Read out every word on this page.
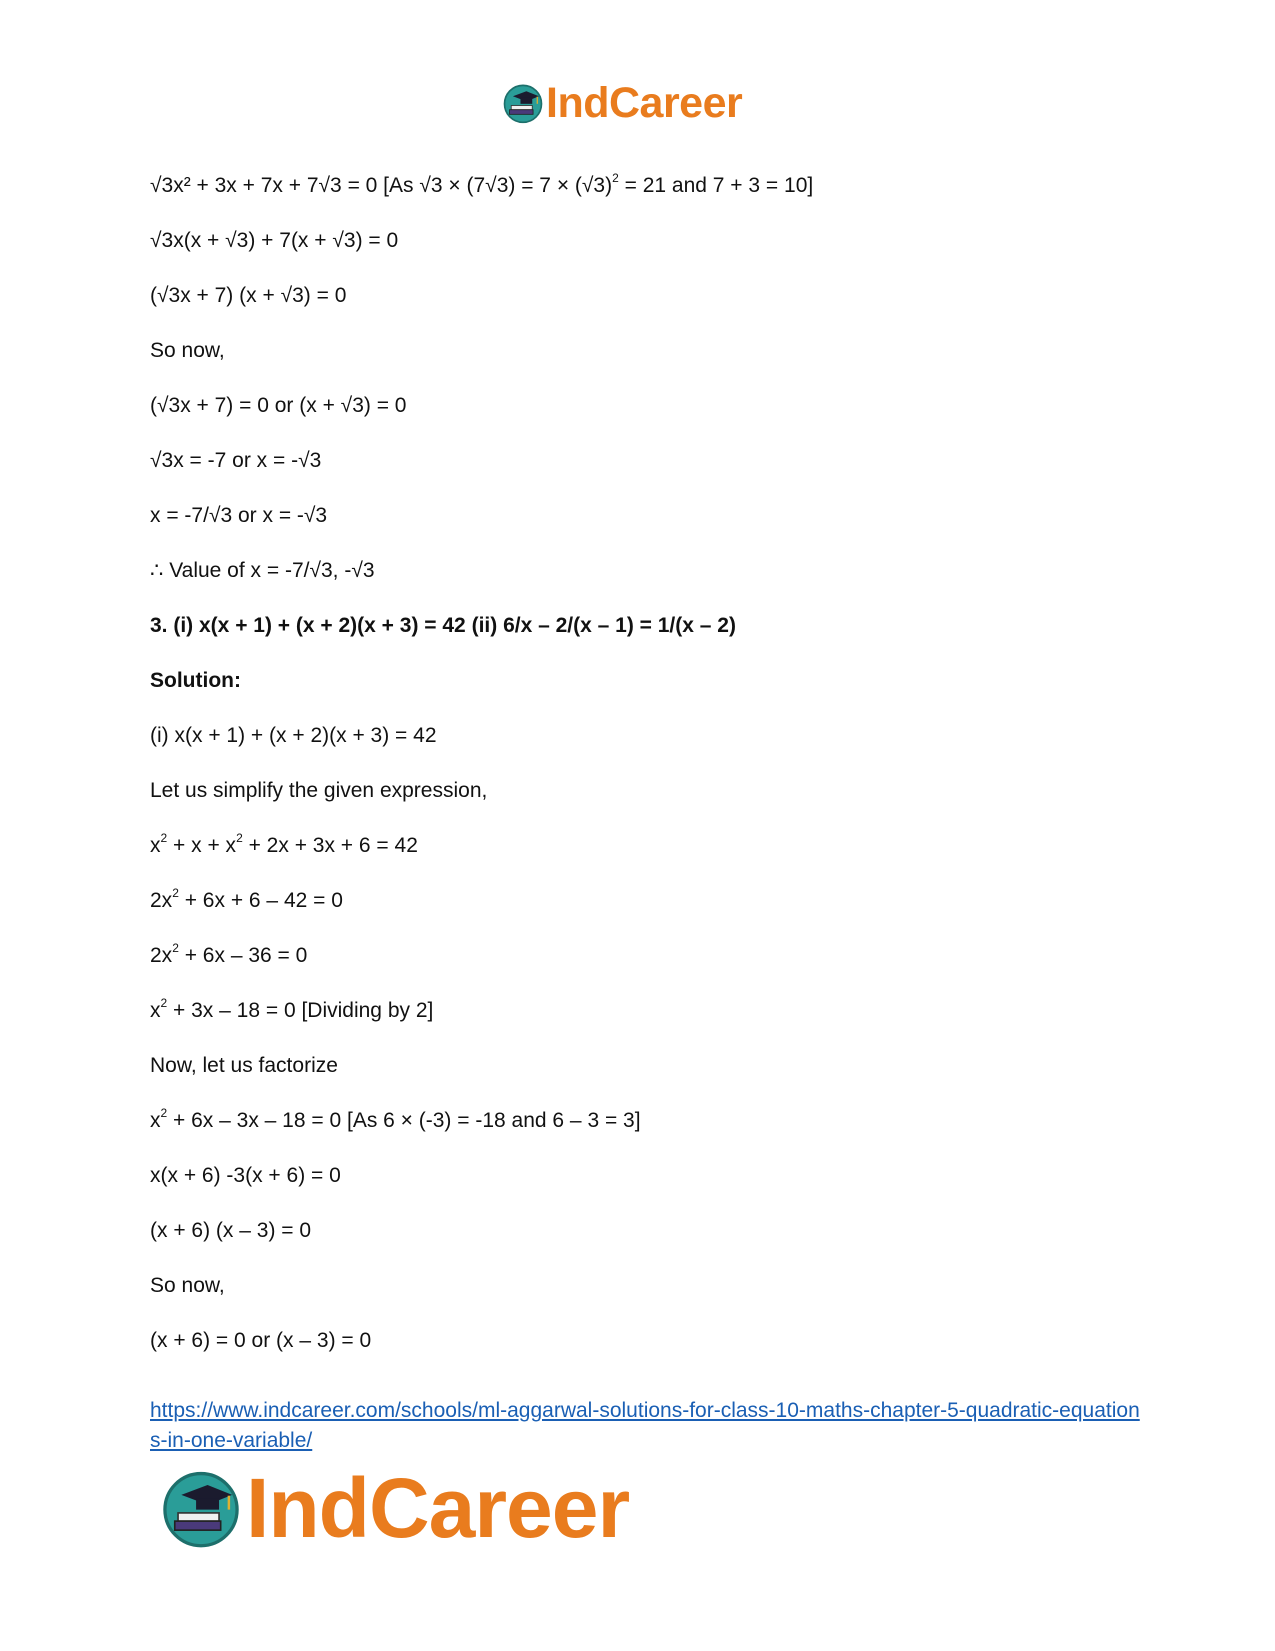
IndCareer
√3x² + 3x + 7x + 7√3 = 0 [As $√3 \times (7√3) = 7 \times (√3)^2 = 21$ and 7 + 3 = 10]
√3x(x + √3) + 7(x + √3) = 0
(√3x + 7) (x + √3) = 0
So now,
(√3x + 7) = 0 or (x + √3) = 0
√3x = -7 or x = -√3
x = -7/√3 or x = -√3
∴ Value of x = -7/√3, -√3
3. (i) x(x + 1) + (x + 2)(x + 3) = 42 (ii) 6/x – 2/(x – 1) = 1/(x – 2)
Solution:
(i) x(x + 1) + (x + 2)(x + 3) = 42
Let us simplify the given expression,
$x^2 + x + x^2 + 2x + 3x + 6 = 42$
$2x^2 + 6x + 6 - 42 = 0$
$2x^2 + 6x - 36 = 0$
$x^2 + 3x - 18 = 0$ [Dividing by 2]
Now, let us factorize
$x^2 + 6x - 3x - 18 = 0$ [As 6 × (-3) = -18 and 6 – 3 = 3]
x(x + 6) -3(x + 6) = 0
(x + 6) (x – 3) = 0
So now,
(x + 6) = 0 or (x – 3) = 0
https://www.indcareer.com/schools/ml-aggarwal-solutions-for-class-10-maths-chapter-5-quadratic-equations-in-one-variable/
IndCareer
